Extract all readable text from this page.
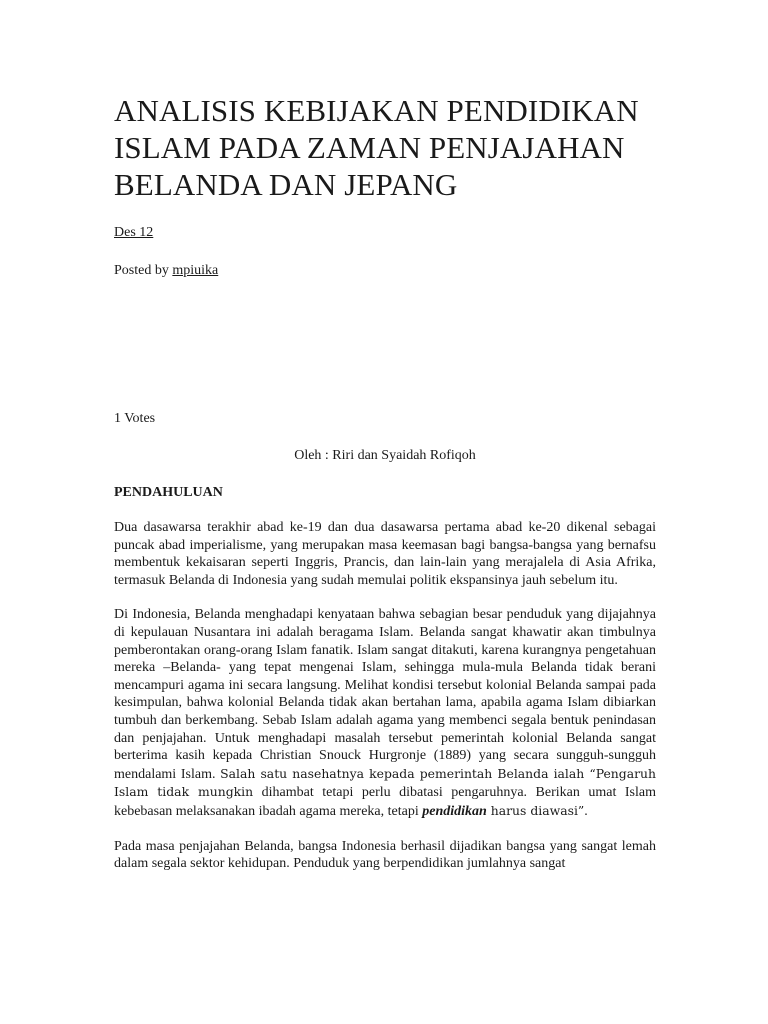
ANALISIS KEBIJAKAN PENDIDIKAN ISLAM PADA ZAMAN PENJAJAHAN BELANDA DAN JEPANG
Des 12
Posted by mpiuika
1 Votes
Oleh : Riri dan Syaidah Rofiqoh
PENDAHULUAN

Dua dasawarsa terakhir abad ke-19 dan dua dasawarsa pertama abad ke-20 dikenal sebagai puncak abad imperialisme, yang merupakan masa keemasan bagi bangsa-bangsa yang bernafsu membentuk kekaisaran seperti Inggris, Prancis, dan lain-lain yang merajalela di Asia Afrika, termasuk Belanda di Indonesia yang sudah memulai politik ekspansinya jauh sebelum itu.

Di Indonesia, Belanda menghadapi kenyataan bahwa sebagian besar penduduk yang dijajahnya di kepulauan Nusantara ini adalah beragama Islam. Belanda sangat khawatir akan timbulnya pemberontakan orang-orang Islam fanatik. Islam sangat ditakuti, karena kurangnya pengetahuan mereka –Belanda- yang tepat mengenai Islam, sehingga mula-mula Belanda tidak berani mencampuri agama ini secara langsung. Melihat kondisi tersebut kolonial Belanda sampai pada kesimpulan, bahwa kolonial Belanda tidak akan bertahan lama, apabila agama Islam dibiarkan tumbuh dan berkembang. Sebab Islam adalah agama yang membenci segala bentuk penindasan dan penjajahan. Untuk menghadapi masalah tersebut pemerintah kolonial Belanda sangat berterima kasih kepada Christian Snouck Hurgronje (1889) yang secara sungguh-sungguh mendalami Islam. Salah satu nasehatnya kepada pemerintah Belanda ialah “Pengaruh Islam tidak mungkin dihambat tetapi perlu dibatasi pengaruhnya. Berikan umat Islam kebebasan melaksanakan ibadah agama mereka, tetapi pendidikan harus diawasi”.

Pada masa penjajahan Belanda, bangsa Indonesia berhasil dijadikan bangsa yang sangat lemah dalam segala sektor kehidupan. Penduduk yang berpendidikan jumlahnya sangat
